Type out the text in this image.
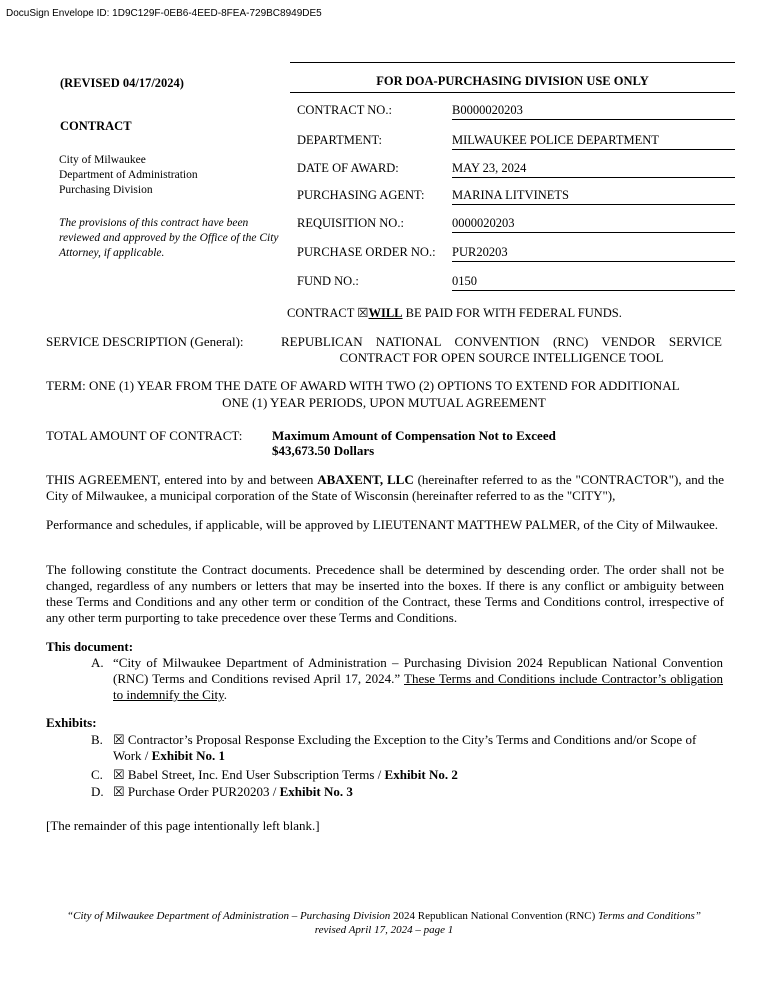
DocuSign Envelope ID: 1D9C129F-0EB6-4EED-8FEA-729BC8949DE5
(REVISED 04/17/2024)
CONTRACT
City of Milwaukee
Department of Administration
Purchasing Division
The provisions of this contract have been reviewed and approved by the Office of the City Attorney, if applicable.
FOR DOA-PURCHASING DIVISION USE ONLY
CONTRACT NO.:	B0000020203
DEPARTMENT:	MILWAUKEE POLICE DEPARTMENT
DATE OF AWARD:	MAY 23, 2024
PURCHASING AGENT: MARINA LITVINETS
REQUISITION NO.:	0000020203
PURCHASE ORDER NO.: PUR20203
FUND NO.:	0150
CONTRACT ☒WILL BE PAID FOR WITH FEDERAL FUNDS.
SERVICE DESCRIPTION (General):	REPUBLICAN NATIONAL CONVENTION (RNC) VENDOR SERVICE
CONTRACT FOR OPEN SOURCE INTELLIGENCE TOOL
TERM: ONE (1) YEAR FROM THE DATE OF AWARD WITH TWO (2) OPTIONS TO EXTEND FOR ADDITIONAL
ONE (1) YEAR PERIODS, UPON MUTUAL AGREEMENT
TOTAL AMOUNT OF CONTRACT: Maximum Amount of Compensation Not to Exceed
$43,673.50 Dollars
THIS AGREEMENT, entered into by and between ABAXENT, LLC (hereinafter referred to as the "CONTRACTOR"), and the City of Milwaukee, a municipal corporation of the State of Wisconsin (hereinafter referred to as the "CITY"),
Performance and schedules, if applicable, will be approved by LIEUTENANT MATTHEW PALMER, of the City of Milwaukee.
The following constitute the Contract documents. Precedence shall be determined by descending order. The order shall not be changed, regardless of any numbers or letters that may be inserted into the boxes. If there is any conflict or ambiguity between these Terms and Conditions and any other term or condition of the Contract, these Terms and Conditions control, irrespective of any other term purporting to take precedence over these Terms and Conditions.
This document:
A. “City of Milwaukee Department of Administration – Purchasing Division 2024 Republican National Convention (RNC) Terms and Conditions revised April 17, 2024.” These Terms and Conditions include Contractor’s obligation to indemnify the City.
Exhibits:
B. ☒ Contractor’s Proposal Response Excluding the Exception to the City’s Terms and Conditions and/or Scope of Work / Exhibit No. 1
C. ☒ Babel Street, Inc. End User Subscription Terms / Exhibit No. 2
D. ☒ Purchase Order PUR20203 / Exhibit No. 3
[The remainder of this page intentionally left blank.]
“City of Milwaukee Department of Administration – Purchasing Division 2024 Republican National Convention (RNC) Terms and Conditions”
revised April 17, 2024 – page 1
